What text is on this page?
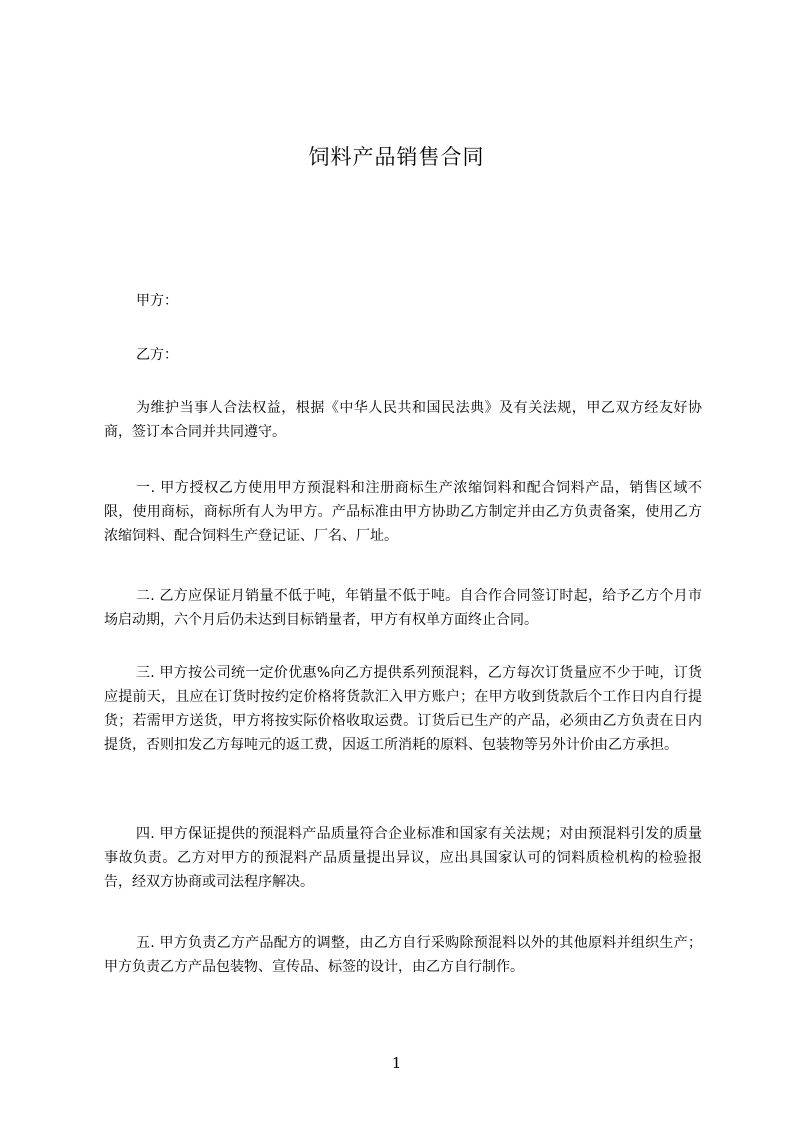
饲料产品销售合同

甲方：

乙方：

为维护当事人合法权益，根据《中华人民共和国民法典》及有关法规，甲乙双方经友好协商，签订本合同并共同遵守。

一. 甲方授权乙方使用甲方预混料和注册商标生产浓缩饲料和配合饲料产品，销售区域不限，使用商标，商标所有人为甲方。产品标准由甲方协助乙方制定并由乙方负责备案，使用乙方浓缩饲料、配合饲料生产登记证、厂名、厂址。

二. 乙方应保证月销量不低于吨，年销量不低于吨。自合作合同签订时起，给予乙方个月市场启动期，六个月后仍未达到目标销量者，甲方有权单方面终止合同。

三. 甲方按公司统一定价优惠%向乙方提供系列预混料，乙方每次订货量应不少于吨，订货应提前天，且应在订货时按约定价格将货款汇入甲方账户；在甲方收到货款后个工作日内自行提货；若需甲方送货，甲方将按实际价格收取运费。订货后已生产的产品，必须由乙方负责在日内提货，否则扣发乙方每吨元的返工费，因返工所消耗的原料、包装物等另外计价由乙方承担。

四. 甲方保证提供的预混料产品质量符合企业标准和国家有关法规；对由预混料引发的质量事故负责。乙方对甲方的预混料产品质量提出异议，应出具国家认可的饲料质检机构的检验报告，经双方协商或司法程序解决。

五. 甲方负责乙方产品配方的调整，由乙方自行采购除预混料以外的其他原料并组织生产；甲方负责乙方产品包装物、宣传品、标签的设计，由乙方自行制作。

1
